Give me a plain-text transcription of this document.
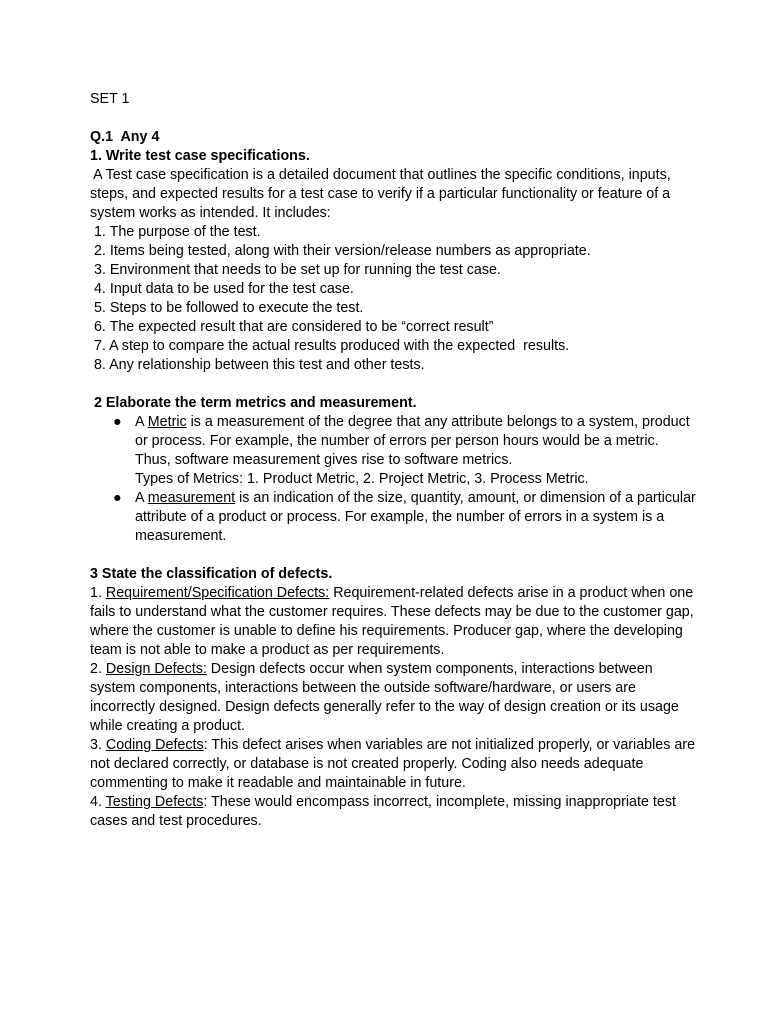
SET 1
Q.1  Any 4
1. Write test case specifications.
A Test case specification is a detailed document that outlines the specific conditions, inputs,
steps, and expected results for a test case to verify if a particular functionality or feature of a
system works as intended. It includes:
1. The purpose of the test.
2. Items being tested, along with their version/release numbers as appropriate.
3. Environment that needs to be set up for running the test case.
4. Input data to be used for the test case.
5. Steps to be followed to execute the test.
6. The expected result that are considered to be “correct result”
7. A step to compare the actual results produced with the expected  results.
8. Any relationship between this test and other tests.
2 Elaborate the term metrics and measurement.
● A Metric is a measurement of the degree that any attribute belongs to a system, product
or process. For example, the number of errors per person hours would be a metric.
Thus, software measurement gives rise to software metrics.
Types of Metrics: 1. Product Metric, 2. Project Metric, 3. Process Metric.
● A measurement is an indication of the size, quantity, amount, or dimension of a particular
attribute of a product or process. For example, the number of errors in a system is a
measurement.
3 State the classification of defects.
1. Requirement/Specification Defects: Requirement-related defects arise in a product when one
fails to understand what the customer requires. These defects may be due to the customer gap,
where the customer is unable to define his requirements. Producer gap, where the developing
team is not able to make a product as per requirements.
2. Design Defects: Design defects occur when system components, interactions between
system components, interactions between the outside software/hardware, or users are
incorrectly designed. Design defects generally refer to the way of design creation or its usage
while creating a product.
3. Coding Defects: This defect arises when variables are not initialized properly, or variables are
not declared correctly, or database is not created properly. Coding also needs adequate
commenting to make it readable and maintainable in future.
4. Testing Defects: These would encompass incorrect, incomplete, missing inappropriate test
cases and test procedures.
